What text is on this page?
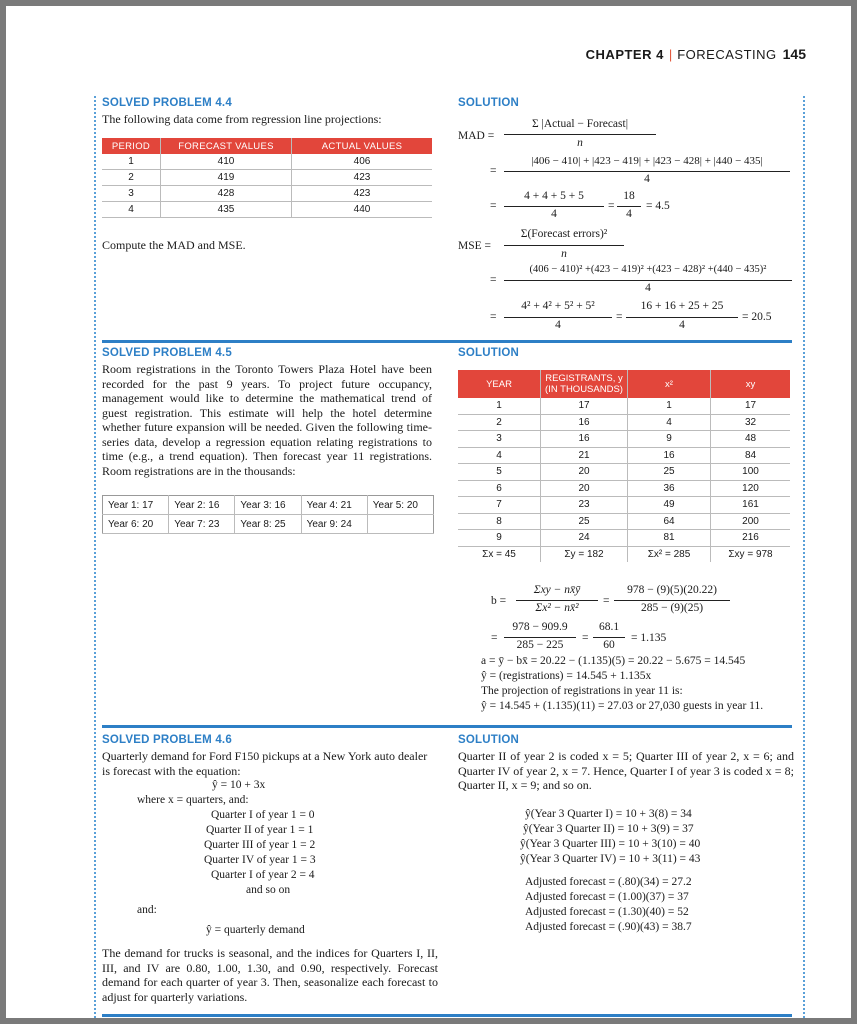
CHAPTER 4 | FORECASTING 145
SOLVED PROBLEM 4.4
The following data come from regression line projections:
PERIOD	FORECAST VALUES	ACTUAL VALUES
1	410	406
2	419	423
3	428	423
4	435	440
Compute the MAD and MSE.
SOLUTION
MAD =
Σ |Actual − Forecast|
n
=
|406 − 410| + |423 − 419| + |423 − 428| + |440 − 435|
4
=
4 + 4 + 5 + 5
4
=
18
4
= 4.5
MSE =
Σ(Forecast errors)²
n
=
(406 − 410)² +(423 − 419)² +(423 − 428)² +(440 − 435)²
4
=
4² + 4² + 5² + 5²
4
=
16 + 16 + 25 + 25
4
= 20.5
SOLVED PROBLEM 4.5
Room registrations in the Toronto Towers Plaza Hotel have been recorded for the past 9 years. To project future occupancy, management would like to determine the mathematical trend of guest registration. This estimate will help the hotel determine whether future expansion will be needed. Given the following time-series data, develop a regression equation relating registrations to time (e.g., a trend equation). Then forecast year 11 registrations. Room registrations are in the thousands:
Year 1: 17	Year 2: 16	Year 3: 16	Year 4: 21	Year 5: 20
Year 6: 20	Year 7: 23	Year 8: 25	Year 9: 24	
SOLUTION
YEAR	REGISTRANTS, y (IN THOUSANDS)	x²	xy
1	17	1	17
2	16	4	32
3	16	9	48
4	21	16	84
5	20	25	100
6	20	36	120
7	23	49	161
8	25	64	200
9	24	81	216
Σx = 45	Σy = 182	Σx² = 285	Σxy = 978
b =
Σxy − nx̄ȳ
Σx² − nx̄²
=
978 − (9)(5)(20.22)
285 − (9)(25)
=
978 − 909.9
285 − 225
=
68.1
60
= 1.135
a = ȳ − bx̄ = 20.22 − (1.135)(5) = 20.22 − 5.675 = 14.545
ŷ = (registrations) = 14.545 + 1.135x
The projection of registrations in year 11 is:
ŷ = 14.545 + (1.135)(11) = 27.03 or 27,030 guests in year 11.
SOLVED PROBLEM 4.6
Quarterly demand for Ford F150 pickups at a New York auto dealer is forecast with the equation:
ŷ = 10 + 3x
where x = quarters, and:
Quarter I of year 1 = 0
Quarter II of year 1 = 1
Quarter III of year 1 = 2
Quarter IV of year 1 = 3
Quarter I of year 2 = 4
and so on
and:
ŷ = quarterly demand
The demand for trucks is seasonal, and the indices for Quarters I, II, III, and IV are 0.80, 1.00, 1.30, and 0.90, respectively. Forecast demand for each quarter of year 3. Then, seasonalize each forecast to adjust for quarterly variations.
SOLUTION
Quarter II of year 2 is coded x = 5; Quarter III of year 2, x = 6; and Quarter IV of year 2, x = 7. Hence, Quarter I of year 3 is coded x = 8; Quarter II, x = 9; and so on.
ŷ(Year 3 Quarter I) = 10 + 3(8) = 34
ŷ(Year 3 Quarter II) = 10 + 3(9) = 37
ŷ(Year 3 Quarter III) = 10 + 3(10) = 40
ŷ(Year 3 Quarter IV) = 10 + 3(11) = 43
Adjusted forecast = (.80)(34) = 27.2
Adjusted forecast = (1.00)(37) = 37
Adjusted forecast = (1.30)(40) = 52
Adjusted forecast = (.90)(43) = 38.7
